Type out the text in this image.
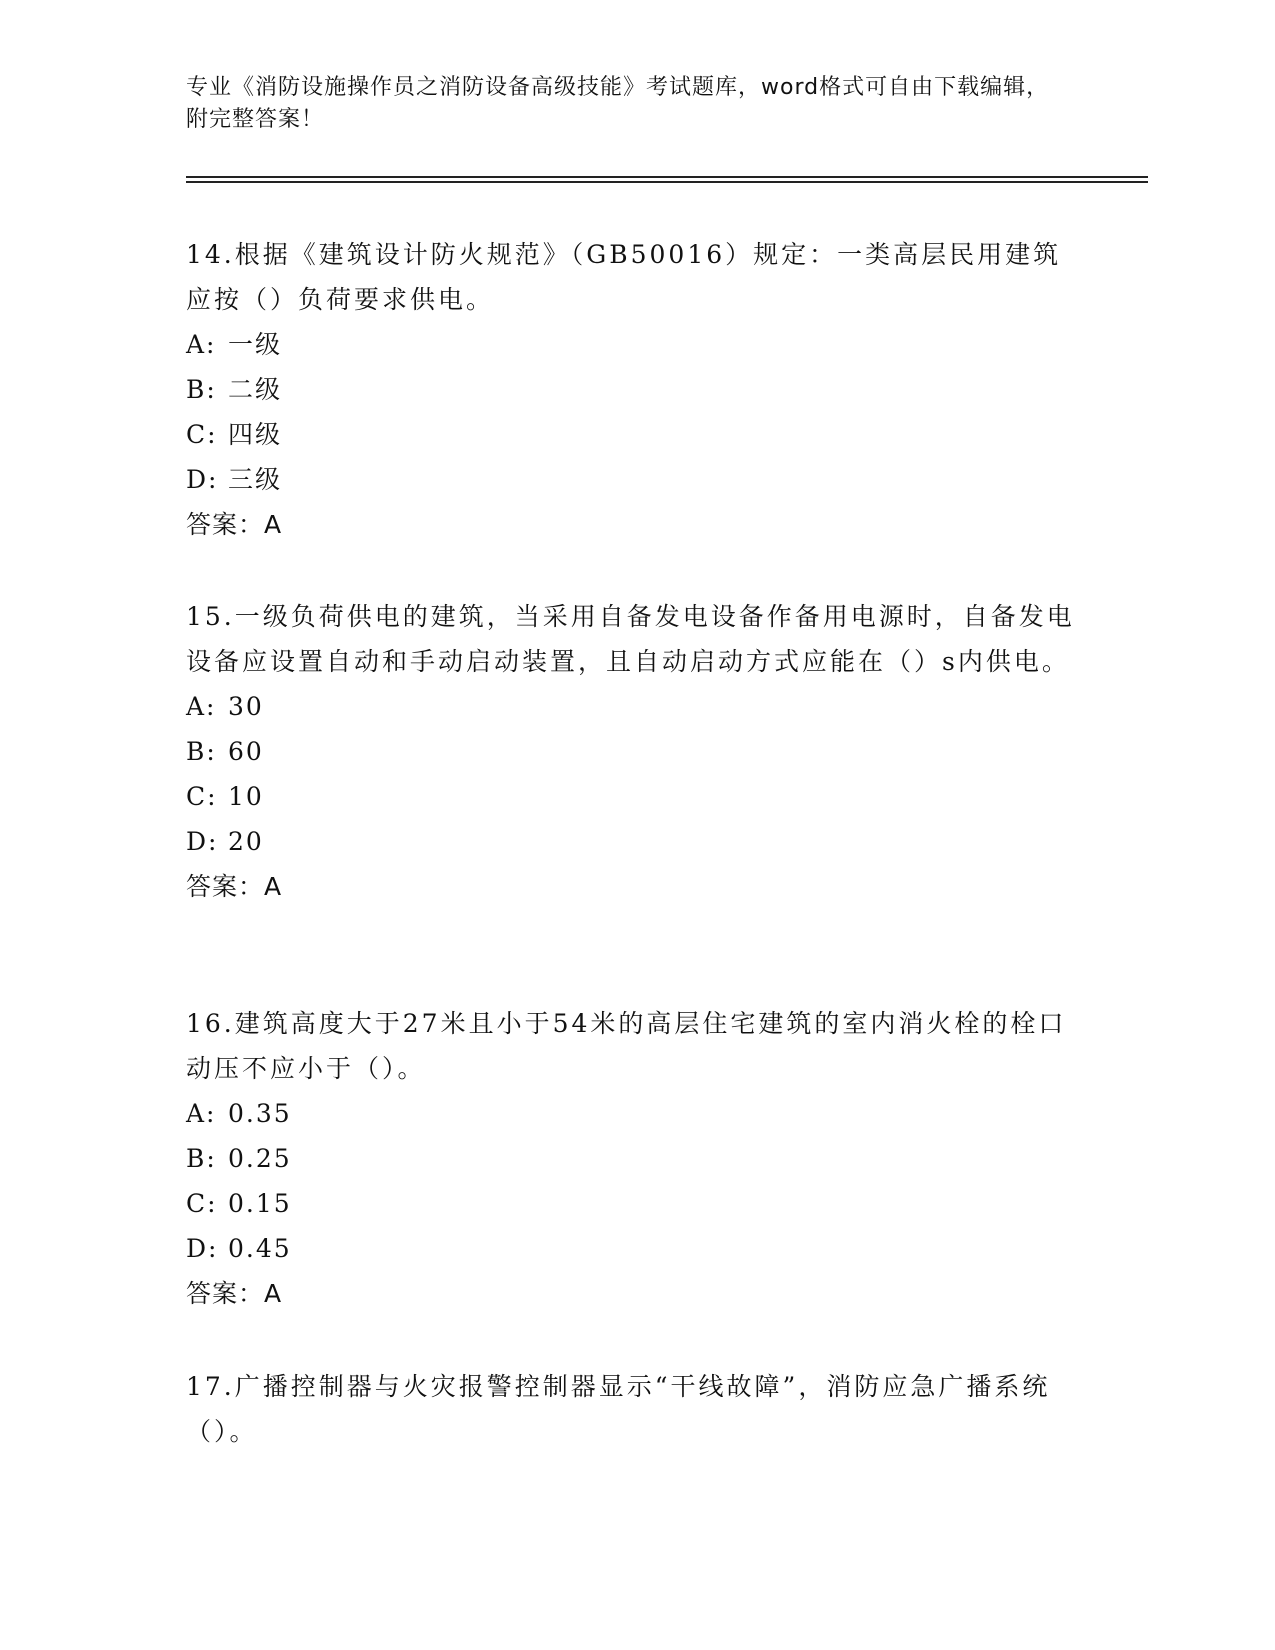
专业《消防设施操作员之消防设备高级技能》考试题库，word格式可自由下载编辑，附完整答案！

14.根据《建筑设计防火规范》（GB50016）规定：一类高层民用建筑应按（）负荷要求供电。

A: 一级
B: 二级
C: 四级
D: 三级

答案：A

15.一级负荷供电的建筑，当采用自备发电设备作备用电源时，自备发电设备应设置自动和手动启动装置，且自动启动方式应能在（）s内供电。

A: 30
B: 60
C: 10
D: 20

答案：A

16.建筑高度大于27米且小于54米的高层住宅建筑的室内消火栓的栓口动压不应小于（）。

A: 0.35
B: 0.25
C: 0.15
D: 0.45

答案：A

17.广播控制器与火灾报警控制器显示“干线故障”，消防应急广播系统（）。
